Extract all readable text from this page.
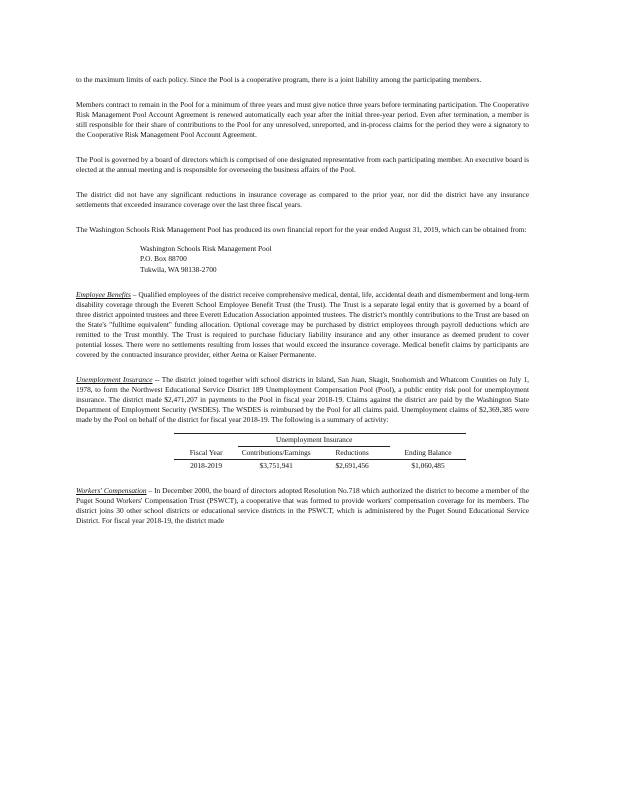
to the maximum limits of each policy. Since the Pool is a cooperative program, there is a joint liability among the participating members.

Members contract to remain in the Pool for a minimum of three years and must give notice three years before terminating participation. The Cooperative Risk Management Pool Account Agreement is renewed automatically each year after the initial three-year period. Even after termination, a member is still responsible for their share of contributions to the Pool for any unresolved, unreported, and in-process claims for the period they were a signatory to the Cooperative Risk Management Pool Account Agreement.

The Pool is governed by a board of directors which is comprised of one designated representative from each participating member. An executive board is elected at the annual meeting and is responsible for overseeing the business affairs of the Pool.

The district did not have any significant reductions in insurance coverage as compared to the prior year, nor did the district have any insurance settlements that exceeded insurance coverage over the last three fiscal years.

The Washington Schools Risk Management Pool has produced its own financial report for the year ended August 31, 2019, which can be obtained from:

Washington Schools Risk Management Pool
P.O. Box 88700
Tukwila, WA 98138-2700

Employee Benefits – Qualified employees of the district receive comprehensive medical, dental, life, accidental death and dismemberment and long-term disability coverage through the Everett School Employee Benefit Trust (the Trust). The Trust is a separate legal entity that is governed by a board of three district appointed trustees and three Everett Education Association appointed trustees. The district's monthly contributions to the Trust are based on the State's "fulltime equivalent" funding allocation. Optional coverage may be purchased by district employees through payroll deductions which are remitted to the Trust monthly. The Trust is required to purchase fiduciary liability insurance and any other insurance as deemed prudent to cover potential losses. There were no settlements resulting from losses that would exceed the insurance coverage. Medical benefit claims by participants are covered by the contracted insurance provider, either Aetna or Kaiser Permanente.

Unemployment Insurance -- The district joined together with school districts in Island, San Juan, Skagit, Snohomish and Whatcom Counties on July 1, 1978, to form the Northwest Educational Service District 189 Unemployment Compensation Pool (Pool), a public entity risk pool for unemployment insurance. The district made $2,471,207 in payments to the Pool in fiscal year 2018-19. Claims against the district are paid by the Washington State Department of Employment Security (WSDES). The WSDES is reimbursed by the Pool for all claims paid. Unemployment claims of $2,369,385 were made by the Pool on behalf of the district for fiscal year 2018-19. The following is a summary of activity:

	Unemployment Insurance		
Fiscal Year	Contributions/Earnings	Reductions	Ending Balance
2018-2019	$3,751,941	$2,691,456	$1,060,485

Workers' Compensation – In December 2000, the board of directors adopted Resolution No.718 which authorized the district to become a member of the Puget Sound Workers' Compensation Trust (PSWCT), a cooperative that was formed to provide workers' compensation coverage for its members. The district joins 30 other school districts or educational service districts in the PSWCT, which is administered by the Puget Sound Educational Service District. For fiscal year 2018-19, the district made
